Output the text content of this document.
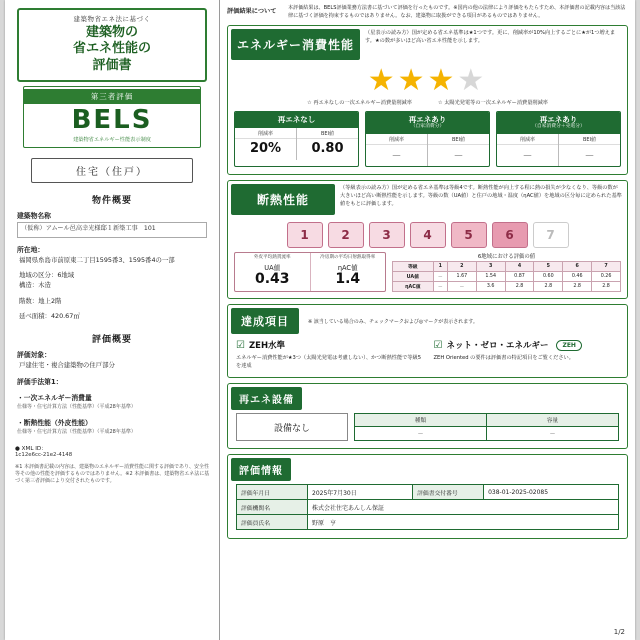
建築物省エネ法に基づく
建築物の
省エネ性能の
評価書
第三者評価
BELS
建築物省エネルギー性能表示制度
住宅（住戸）
物件概要
建築物名称
（仮称）アムール邑高幸光様邸１新築工事　101
所在地：
福岡県糸島市前原東二丁目1595番3、1595番4の一部
地域の区分：6地域
構造：木造
階数：地上2階
延べ面積：420.67㎡
評価概要
評価対象：
戸建住宅・複合建築物の住戸部分
評価手法第1：
・一次エネルギー消費量
仕様等・住宅計算方法（性能基準）（平成28年基準）
・断熱性能（外皮性能）
仕様等・住宅計算方法（性能基準）（平成28年基準）
● XML ID：
1c12e6cc-21e2-4148
※1 本評価書記載の内容は、建築物のエネルギー消費性能に関する評価であり、安全性等その他の性能を評価するものではありません。※2 本評価書は、建築物省エネ法に基づく第三者評価により交付されたものです。
評価結果について	本評価結果は、BELS評価業務方法書に基づいて評価を行ったものです。※国内の他の法律により評価をもたらすため、本評価書の記載内容は当該法律に基づく評価を拘束するものではありません。なお、建築物に取扱ができる項目があるものではありません。
エネルギー消費性能
（星表示の読み方）国が定める省エネ基準は★1つです。更に、削減率が10%向上するごとに★が1つ増えます。★の数が多いほど高い省エネ性能を示します。
★★★★
☆ 再エネなしの一次エネルギー消費量削減率	☆ 太陽光発電等の一次エネルギー消費量削減率
再エネなし
削減率
20%
BEI値
0.80
再エネあり
（自家消費分）
削減率
－
BEI値
－
再エネあり
（自家消費分＋売電分）
削減率
－
BEI値
－
断熱性能
（等級表示の読み方）国が定める省エネ基準は等級4です。断熱性能が向上する程に熱の損失が少なくなり、等級の数が大きいほど高い断熱性能を示します。等級の数（UA値）と住戸の地域・温度（ηAC値）を地域の区分毎に定められた基準値をもとに評価します。
1	2	3	4	5	6	7
外皮平均熱貫流率
UA値
0.43
冷房期の平均日射熱取得率
ηAC値
1.4
6地域における評価の値
等級	1	2	3	4	5	6	7
UA値	－	1.67	1.54	0.87	0.60	0.46	0.26
ηAC値	－	－	3.6	2.8	2.8	2.8	2.8
達成項目	※ 該当している場合のみ、チェックマークおよび◎マークが表示されます。
☑ ZEH水準
エネルギー消費性能が★3つ（太陽光発電は考慮しない）、かつ断熱性能で等級5を達成
☑ ネット・ゼロ・エネルギー	ZEH
ZEH Oriented の要件は評価書の特記項目をご覧ください。
再エネ設備
設備なし
種類	容量
－	－
評価情報
評価年月日	2025年7月30日	評価書交付番号	038-01-2025-02085
評価機関名	株式会社住宅あんしん保証		
評価員氏名	野原　亨		
1/2
